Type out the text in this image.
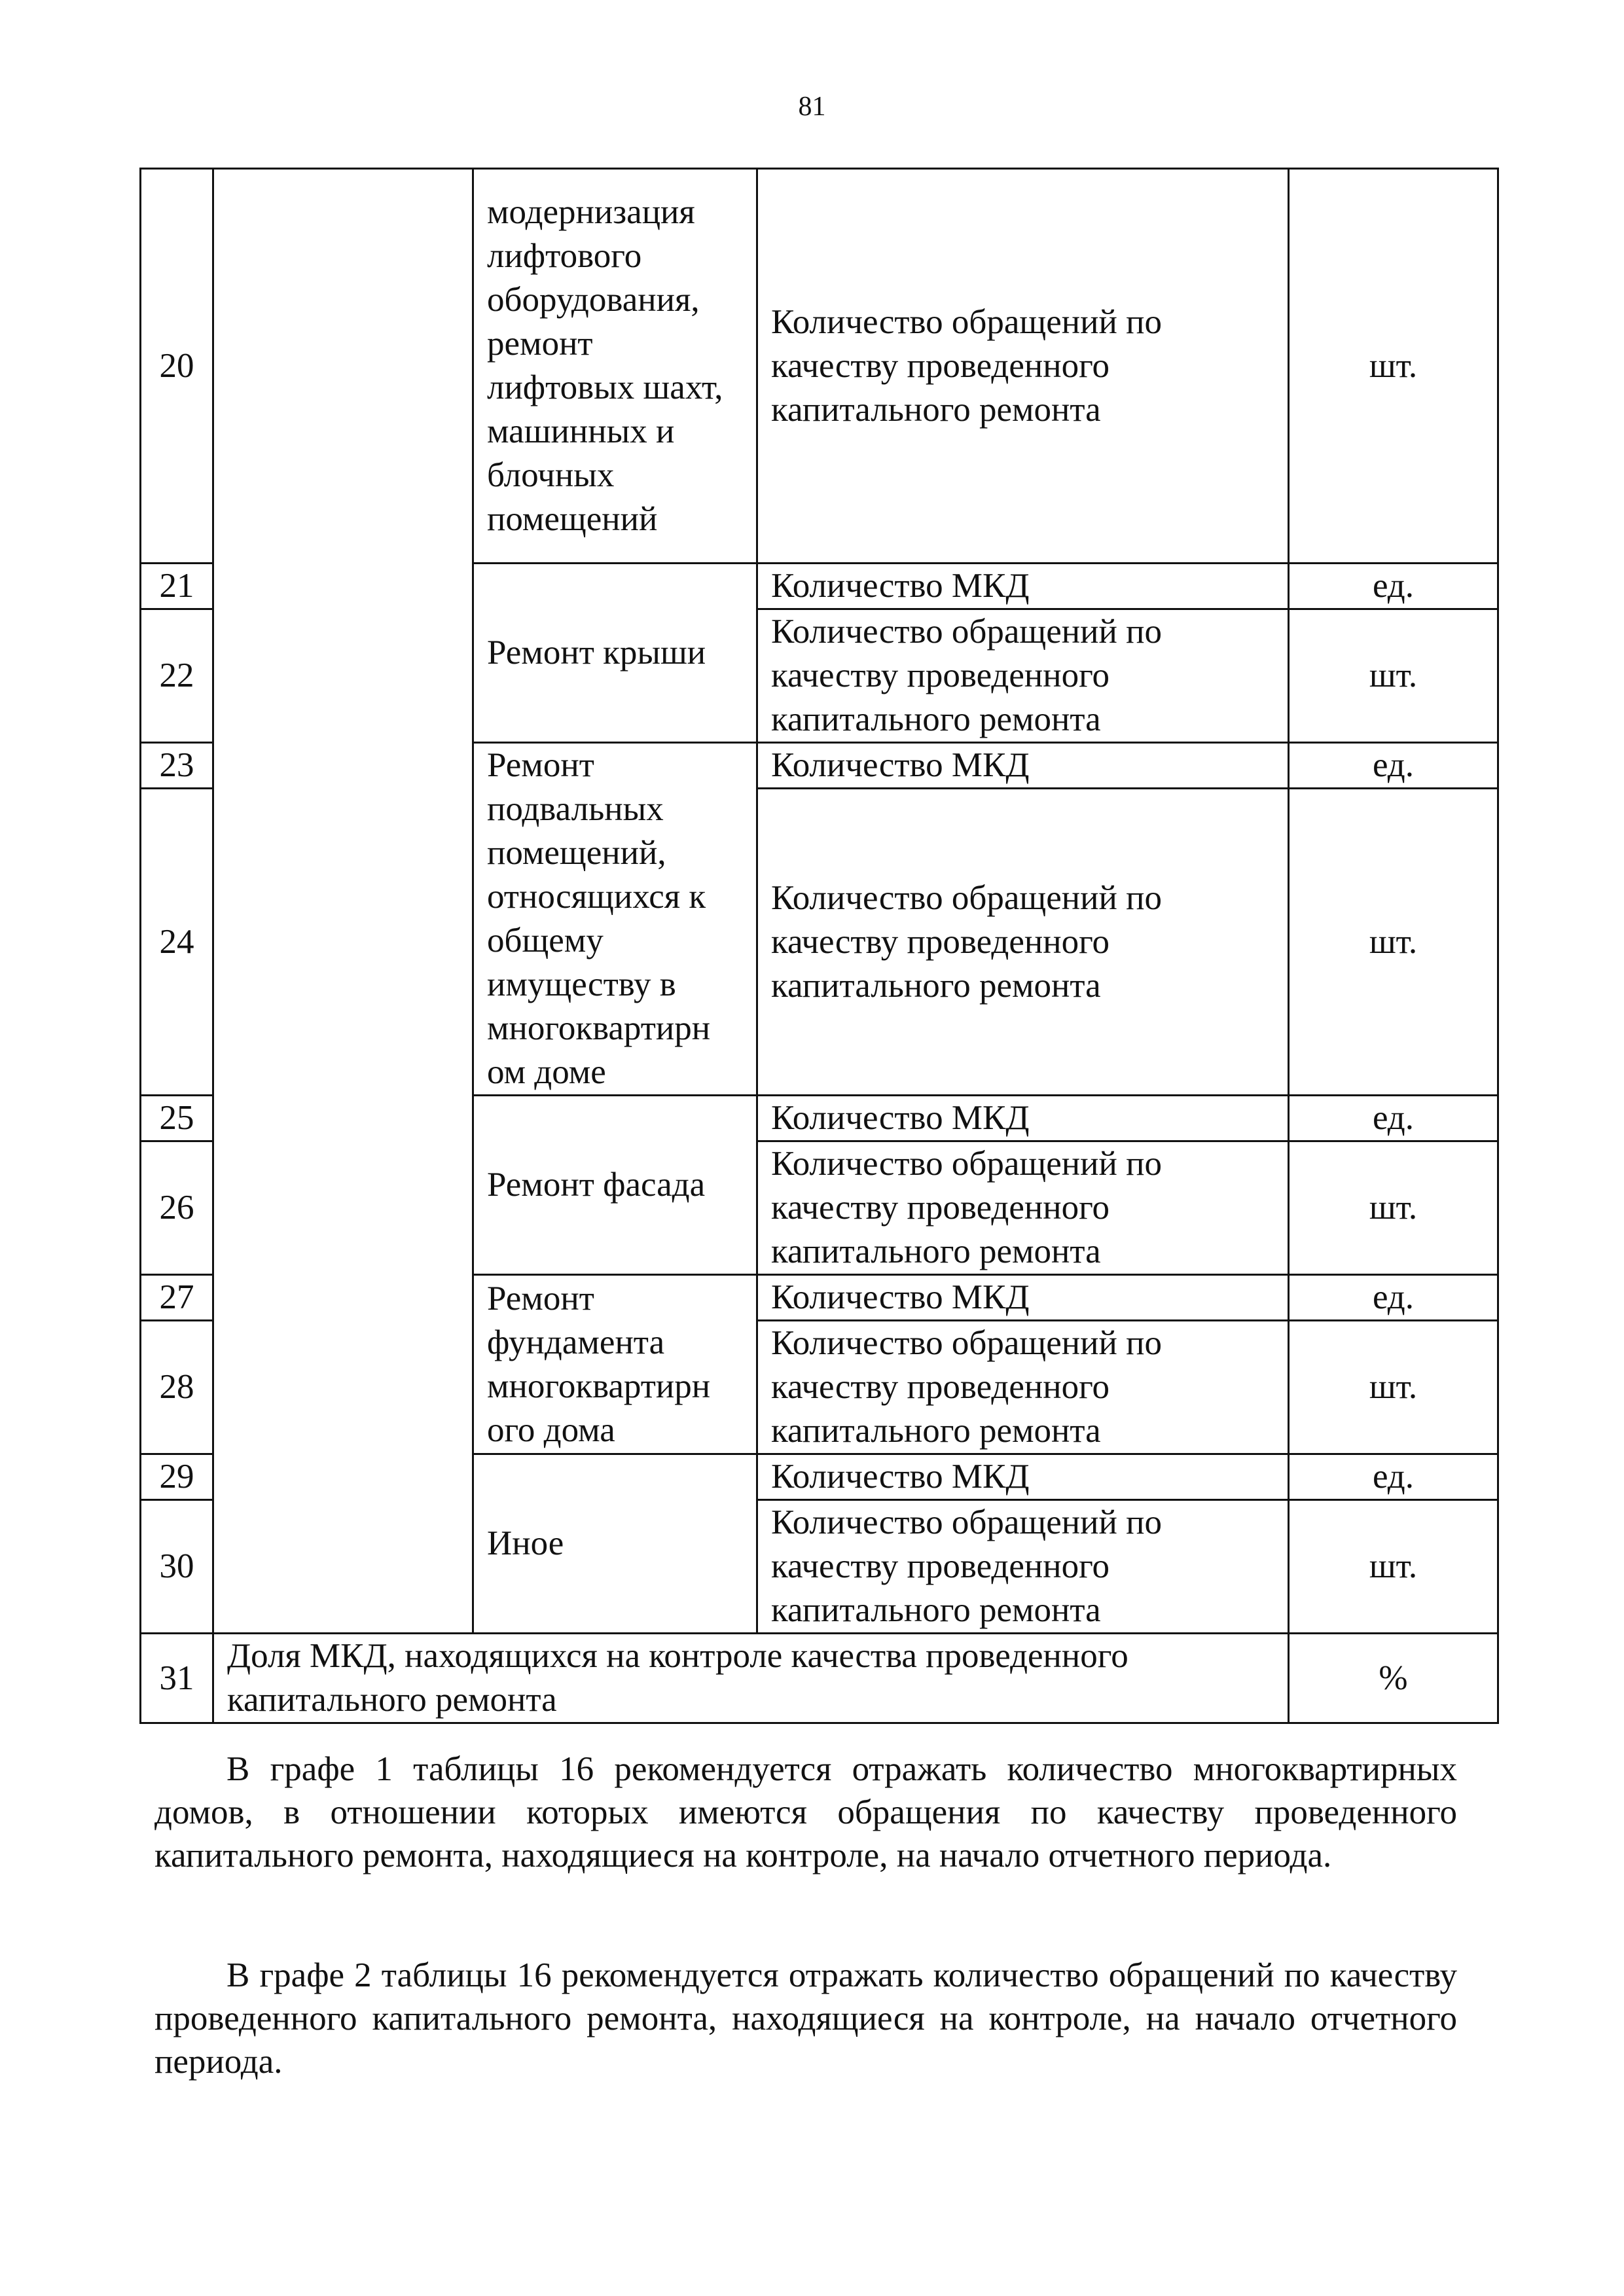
81
20		модернизация лифтового оборудования, ремонт лифтовых шахт, машинных и блочных помещений	Количество обращений по качеству проведенного капитального ремонта	шт.
21		Ремонт крыши	Количество МКД	ед.
22			Количество обращений по качеству проведенного капитального ремонта	шт.
23		Ремонт подвальных помещений, относящихся к общему имуществу в многоквартирн ом доме	Количество МКД	ед.
24			Количество обращений по качеству проведенного капитального ремонта	шт.
25		Ремонт фасада	Количество МКД	ед.
26			Количество обращений по качеству проведенного капитального ремонта	шт.
27		Ремонт фундамента многоквартирн ого дома	Количество МКД	ед.
28			Количество обращений по качеству проведенного капитального ремонта	шт.
29		Иное	Количество МКД	ед.
30			Количество обращений по качеству проведенного капитального ремонта	шт.
31	Доля МКД, находящихся на контроле качества проведенного капитального ремонта			%

В графе 1 таблицы 16 рекомендуется отражать количество многоквартирных домов, в отношении которых имеются обращения по качеству проведенного капитального ремонта, находящиеся на контроле, на начало отчетного периода.

В графе 2 таблицы 16 рекомендуется отражать количество обращений по качеству проведенного капитального ремонта, находящиеся на контроле, на начало отчетного периода.
